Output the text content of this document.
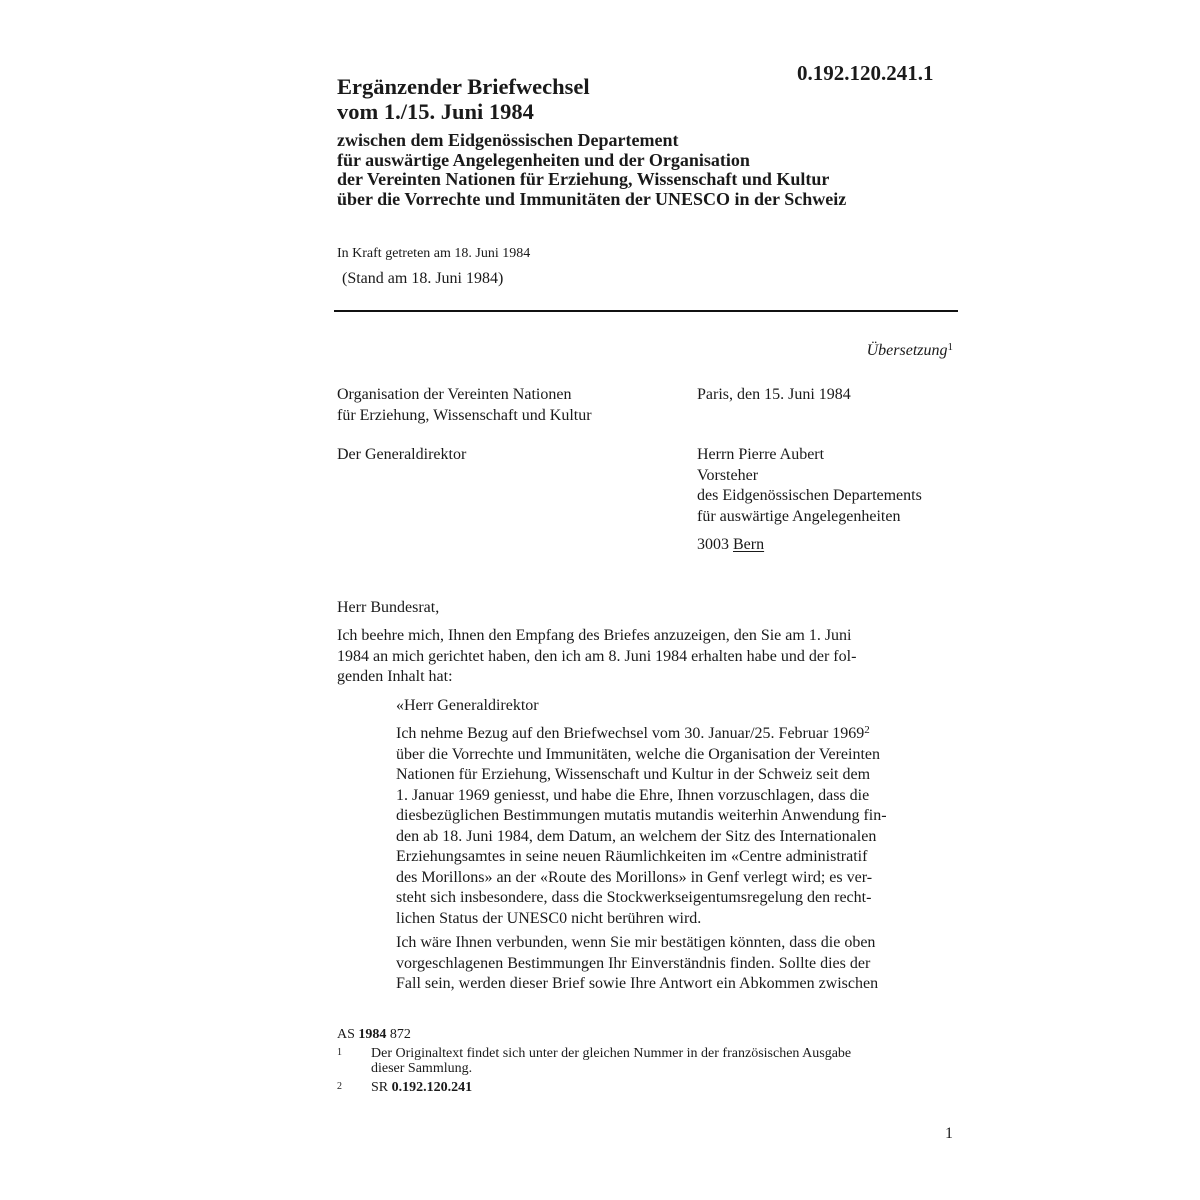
0.192.120.241.1
Ergänzender Briefwechsel
vom 1./15. Juni 1984
zwischen dem Eidgenössischen Departement
für auswärtige Angelegenheiten und der Organisation
der Vereinten Nationen für Erziehung, Wissenschaft und Kultur
über die Vorrechte und Immunitäten der UNESCO in der Schweiz
In Kraft getreten am 18. Juni 1984
(Stand am 18. Juni 1984)
Übersetzung$^1$
Organisation der Vereinten Nationen
für Erziehung, Wissenschaft und Kultur
Paris, den 15. Juni 1984
Der Generaldirektor	Herrn Pierre Aubert
Vorsteher
des Eidgenössischen Departements
für auswärtige Angelegenheiten
3003 Bern
Herr Bundesrat,
Ich beehre mich, Ihnen den Empfang des Briefes anzuzeigen, den Sie am 1. Juni
1984 an mich gerichtet haben, den ich am 8. Juni 1984 erhalten habe und der fol-
genden Inhalt hat:
«Herr Generaldirektor
Ich nehme Bezug auf den Briefwechsel vom 30. Januar/25. Februar 1969$^2$
über die Vorrechte und Immunitäten, welche die Organisation der Vereinten
Nationen für Erziehung, Wissenschaft und Kultur in der Schweiz seit dem
1. Januar 1969 geniesst, und habe die Ehre, Ihnen vorzuschlagen, dass die
diesbezüglichen Bestimmungen mutatis mutandis weiterhin Anwendung fin-
den ab 18. Juni 1984, dem Datum, an welchem der Sitz des Internationalen
Erziehungsamtes in seine neuen Räumlichkeiten im «Centre administratif
des Morillons» an der «Route des Morillons» in Genf verlegt wird; es ver-
steht sich insbesondere, dass die Stockwerkseigentumsregelung den recht-
lichen Status der UNESC0 nicht berühren wird.
Ich wäre Ihnen verbunden, wenn Sie mir bestätigen könnten, dass die oben
vorgeschlagenen Bestimmungen Ihr Einverständnis finden. Sollte dies der
Fall sein, werden dieser Brief sowie Ihre Antwort ein Abkommen zwischen
AS 1984 872
1 Der Originaltext findet sich unter der gleichen Nummer in der französischen Ausgabe
dieser Sammlung.
2 SR 0.192.120.241
1
